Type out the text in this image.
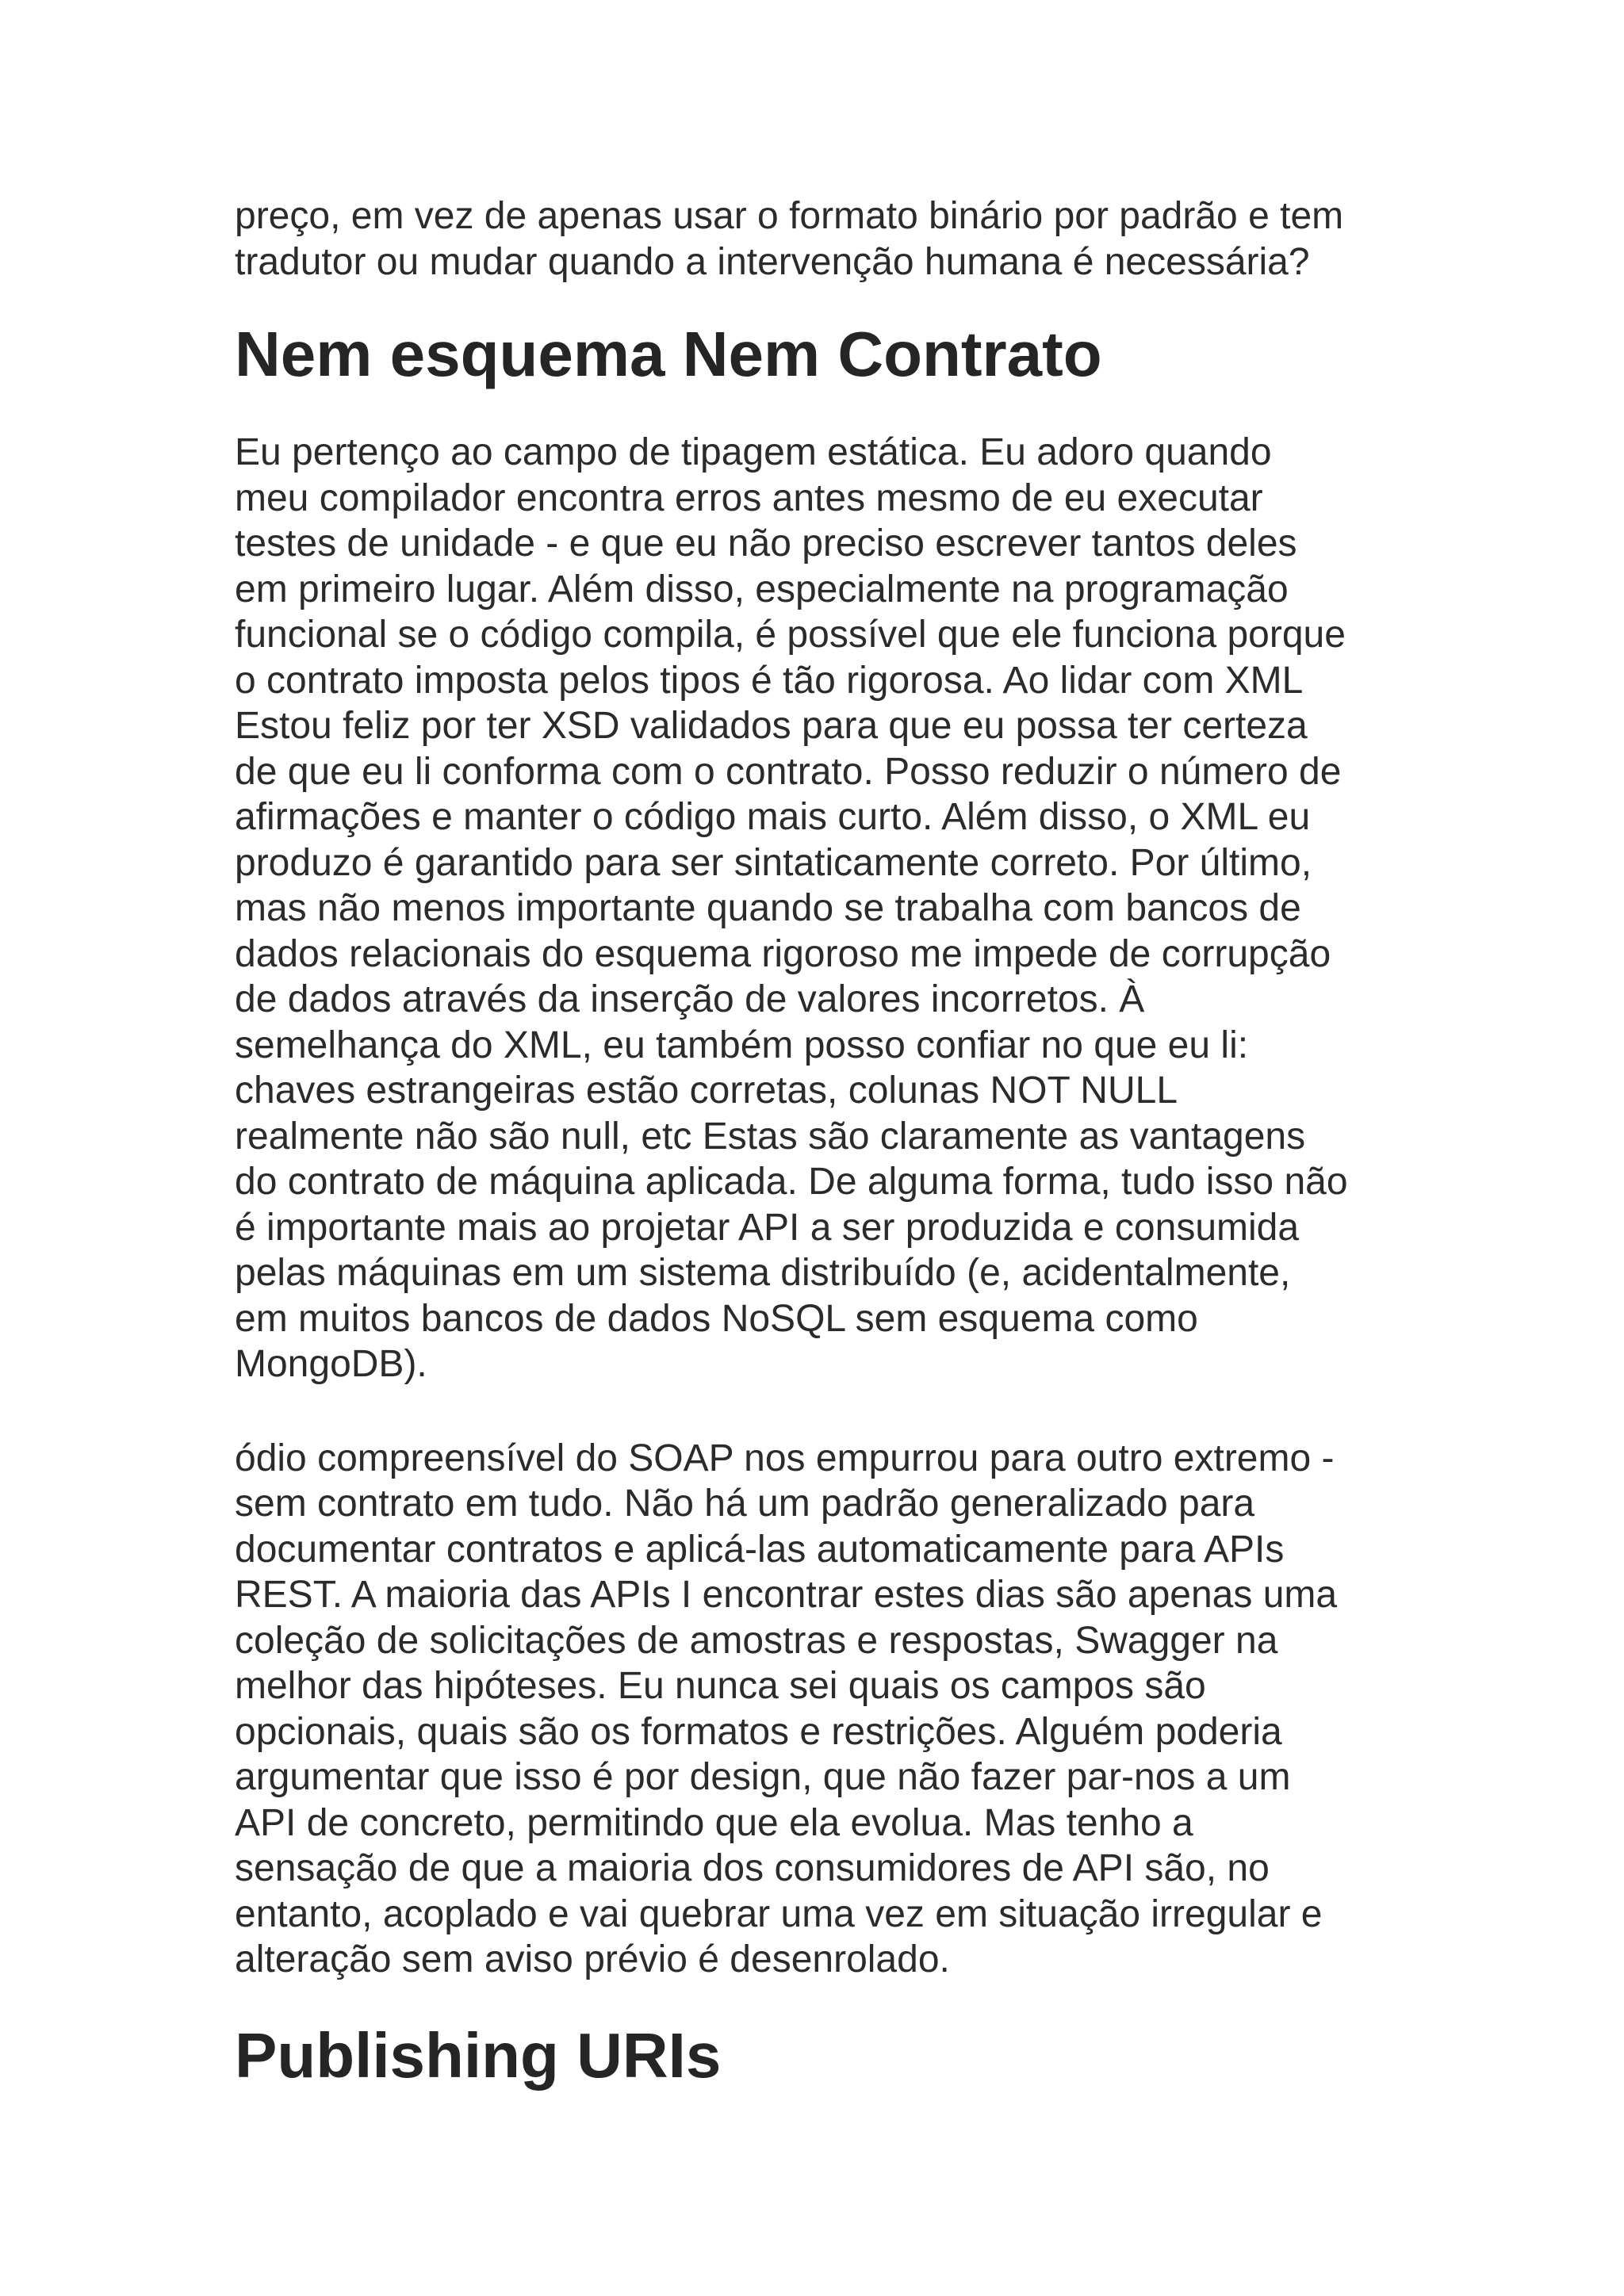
preço, em vez de apenas usar o formato binário por padrão e tem
tradutor ou mudar quando a intervenção humana é necessária?
Nem esquema Nem Contrato
Eu pertenço ao campo de tipagem estática. Eu adoro quando
meu compilador encontra erros antes mesmo de eu executar
testes de unidade - e que eu não preciso escrever tantos deles
em primeiro lugar. Além disso, especialmente na programação
funcional se o código compila, é possível que ele funciona porque
o contrato imposta pelos tipos é tão rigorosa. Ao lidar com XML
Estou feliz por ter XSD validados para que eu possa ter certeza
de que eu li conforma com o contrato. Posso reduzir o número de
afirmações e manter o código mais curto. Além disso, o XML eu
produzo é garantido para ser sintaticamente correto. Por último,
mas não menos importante quando se trabalha com bancos de
dados relacionais do esquema rigoroso me impede de corrupção
de dados através da inserção de valores incorretos. À
semelhança do XML, eu também posso confiar no que eu li:
chaves estrangeiras estão corretas, colunas NOT NULL
realmente não são null, etc Estas são claramente as vantagens
do contrato de máquina aplicada. De alguma forma, tudo isso não
é importante mais ao projetar API a ser produzida e consumida
pelas máquinas em um sistema distribuído (e, acidentalmente,
em muitos bancos de dados NoSQL sem esquema como
MongoDB).
ódio compreensível do SOAP nos empurrou para outro extremo -
sem contrato em tudo. Não há um padrão generalizado para
documentar contratos e aplicá-las automaticamente para APIs
REST. A maioria das APIs I encontrar estes dias são apenas uma
coleção de solicitações de amostras e respostas, Swagger na
melhor das hipóteses. Eu nunca sei quais os campos são
opcionais, quais são os formatos e restrições. Alguém poderia
argumentar que isso é por design, que não fazer par-nos a um
API de concreto, permitindo que ela evolua. Mas tenho a
sensação de que a maioria dos consumidores de API são, no
entanto, acoplado e vai quebrar uma vez em situação irregular e
alteração sem aviso prévio é desenrolado.
Publishing URIs
